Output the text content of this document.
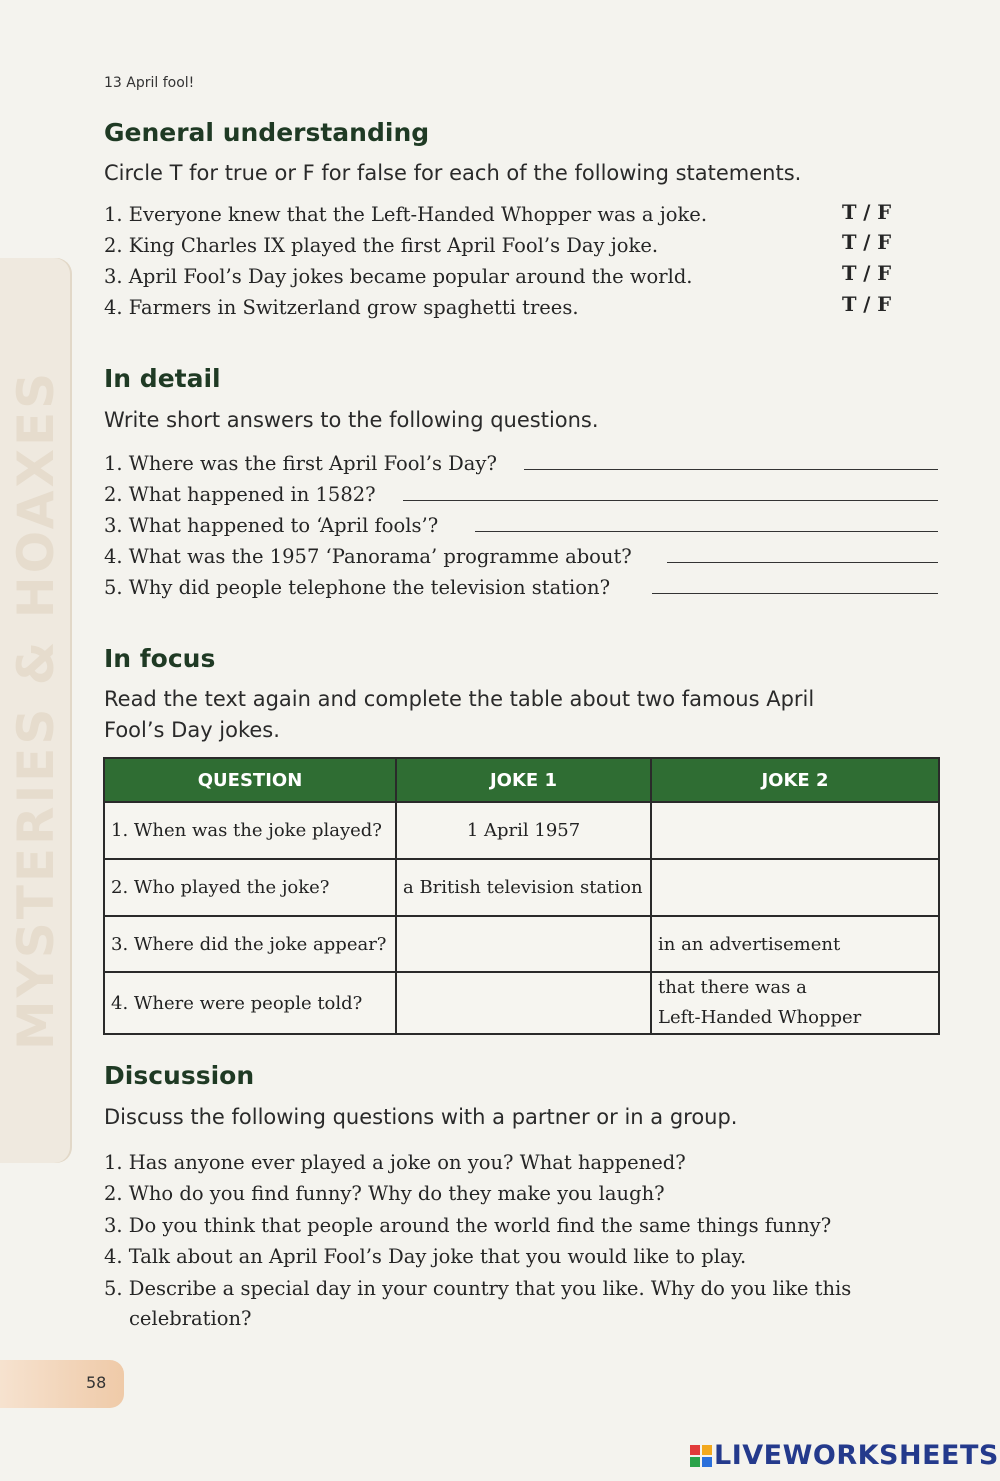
MYSTERIES & HOAXES
58
13 April fool!
General understanding

Circle T for true or F for false for each of the following statements.

1. Everyone knew that the Left-Handed Whopper was a joke.	T / F
2. King Charles IX played the first April Fool’s Day joke.	T / F
3. April Fool’s Day jokes became popular around the world.	T / F
4. Farmers in Switzerland grow spaghetti trees.	T / F
In detail

Write short answers to the following questions.

1. Where was the first April Fool’s Day?
2. What happened in 1582?
3. What happened to ‘April fools’?
4. What was the 1957 ‘Panorama’ programme about?
5. Why did people telephone the television station?
In focus

Read the text again and complete the table about two famous April

Fool’s Day jokes.

QUESTION	JOKE 1	JOKE 2
1. When was the joke played?	1 April 1957	
2. Who played the joke?	a British television station	
3. Where did the joke appear?		in an advertisement
4. Where were people told?		that there was a
Left-Handed Whopper
Discussion

Discuss the following questions with a partner or in a group.

1. Has anyone ever played a joke on you? What happened?
2. Who do you find funny? Why do they make you laugh?
3. Do you think that people around the world find the same things funny?
4. Talk about an April Fool’s Day joke that you would like to play.
5. Describe a special day in your country that you like. Why do you like this
celebration?
LIVEWORKSHEETS
